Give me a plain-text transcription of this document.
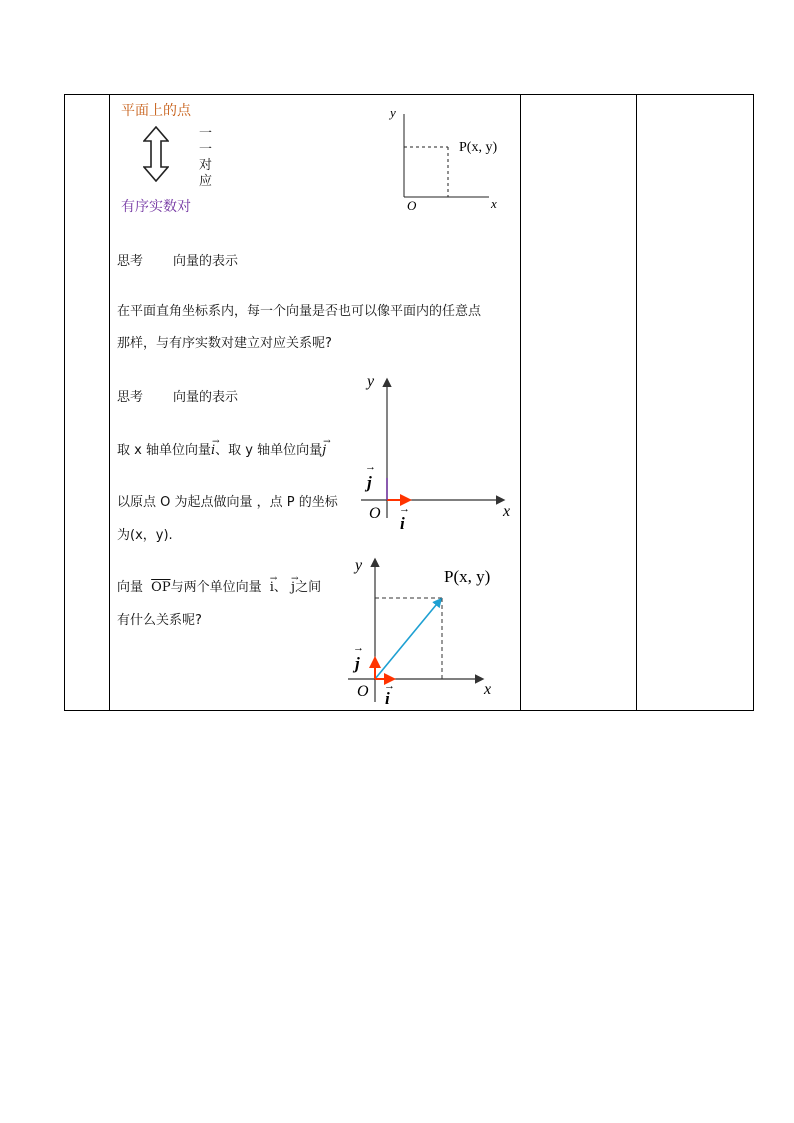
平面上的点
一
一
对
应
有序实数对
y
x
O
P(x, y)
思考 向量的表示
在平面直角坐标系内，每一个向量是否也可以像平面内的任意点
那样，与有序实数对建立对应关系呢?
思考 向量的表示
取 x 轴单位向量
→
i、取 y 轴单位向量
→
j
以原点 O 为起点做向量 ，点 P 的坐标
为(x，y).
y
x
O
→
j
→
i
向量 $\overline{OP}$与两个单位向量
→
i、
→
j之间
有什么关系呢?
y
x
O
P(x, y)
→
j
→
i
